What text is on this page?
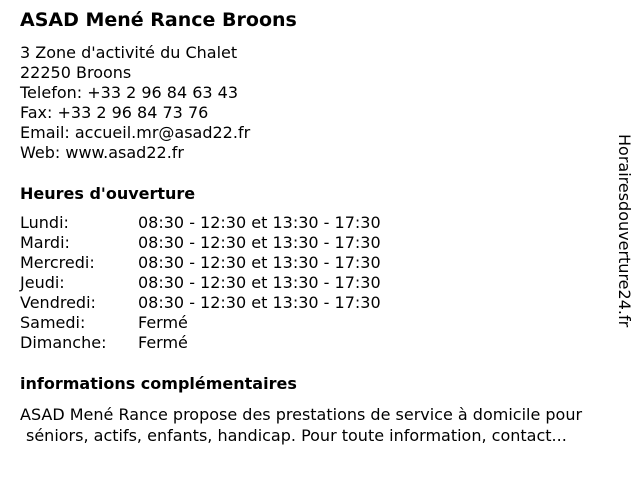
ASAD Mené Rance Broons
3 Zone d'activité du Chalet
22250 Broons
Telefon: +33 2 96 84 63 43
Fax: +33 2 96 84 73 76
Email: accueil.mr@asad22.fr
Web: www.asad22.fr
Heures d'ouverture
Lundi:	08:30 - 12:30 et 13:30 - 17:30
Mardi:	08:30 - 12:30 et 13:30 - 17:30
Mercredi:	08:30 - 12:30 et 13:30 - 17:30
Jeudi:	08:30 - 12:30 et 13:30 - 17:30
Vendredi:	08:30 - 12:30 et 13:30 - 17:30
Samedi:	Fermé
Dimanche: Fermé
informations complémentaires
ASAD Mené Rance propose des prestations de service à domicile pour
séniors, actifs, enfants, handicap. Pour toute information, contact...
Horairesdouverture24.fr
